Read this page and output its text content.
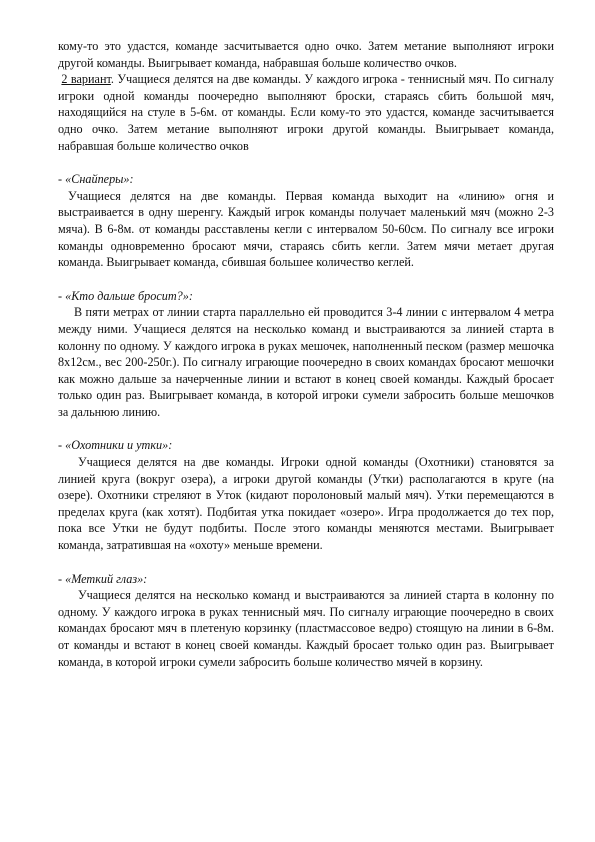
кому-то это удастся, команде засчитывается одно очко. Затем метание выполняют игроки другой команды. Выигрывает команда, набравшая больше количество очков.

2 вариант. Учащиеся делятся на две команды. У каждого игрока - теннисный мяч. По сигналу игроки одной команды поочередно выполняют броски, стараясь сбить большой мяч, находящийся на стуле в 5-6м. от команды. Если кому-то это удастся, команде засчитывается одно очко. Затем метание выполняют игроки другой команды. Выигрывает команда, набравшая больше количество очков

- «Снайперы»:

Учащиеся делятся на две команды. Первая команда выходит на «линию» огня и выстраивается в одну шеренгу. Каждый игрок команды получает маленький мяч (можно 2-3 мяча). В 6-8м. от команды расставлены кегли с интервалом 50-60см. По сигналу все игроки команды одновременно бросают мячи, стараясь сбить кегли. Затем мячи метает другая команда. Выигрывает команда, сбившая большее количество кеглей.

- «Кто дальше бросит?»:

В пяти метрах от линии старта параллельно ей проводится 3-4 линии с интервалом 4 метра между ними. Учащиеся делятся на несколько команд и выстраиваются за линией старта в колонну по одному. У каждого игрока в руках мешочек, наполненный песком (размер мешочка 8х12см., вес 200-250г.). По сигналу играющие поочередно в своих командах бросают мешочки как можно дальше за начерченные линии и встают в конец своей команды. Каждый бросает только один раз. Выигрывает команда, в которой игроки сумели забросить больше мешочков за дальнюю линию.

- «Охотники и утки»:

Учащиеся делятся на две команды. Игроки одной команды (Охотники) становятся за линией круга (вокруг озера), а игроки другой команды (Утки) располагаются в круге (на озере). Охотники стреляют в Уток (кидают поролоновый малый мяч). Утки перемещаются в пределах круга (как хотят). Подбитая утка покидает «озеро». Игра продолжается до тех пор, пока все Утки не будут подбиты. После этого команды меняются местами. Выигрывает команда, затратившая на «охоту» меньше времени.

- «Меткий глаз»:

Учащиеся делятся на несколько команд и выстраиваются за линией старта в колонну по одному. У каждого игрока в руках теннисный мяч. По сигналу играющие поочередно в своих командах бросают мяч в плетеную корзинку (пластмассовое ведро) стоящую на линии в 6-8м. от команды и встают в конец своей команды. Каждый бросает только один раз. Выигрывает команда, в которой игроки сумели забросить больше количество мячей в корзину.
